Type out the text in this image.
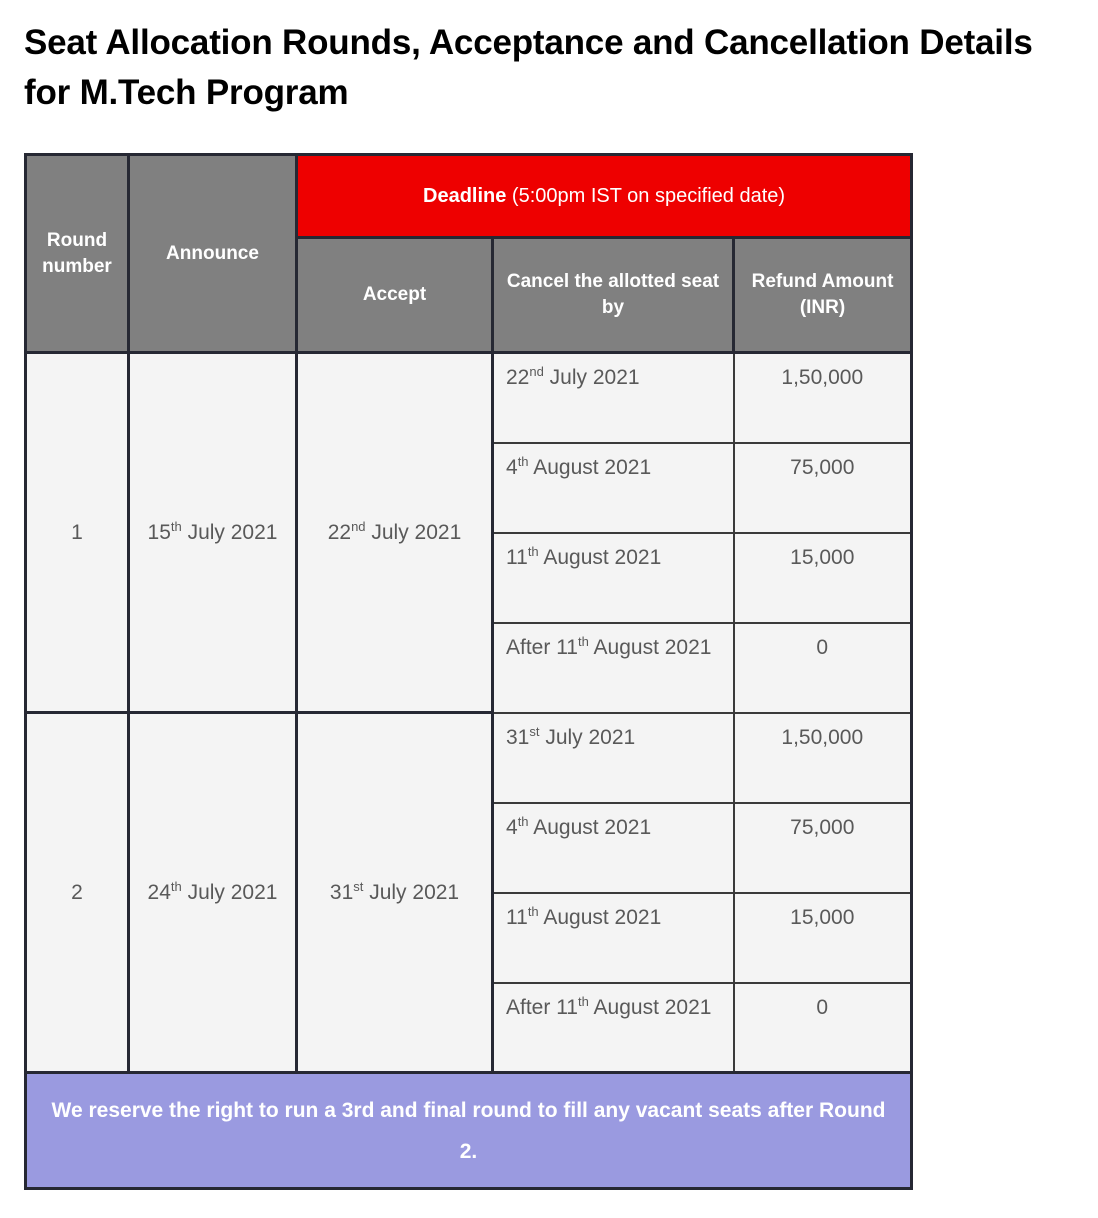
Seat Allocation Rounds, Acceptance and Cancellation Details for M.Tech Program
Round number	Announce	Deadline (5:00pm IST on specified date)		
		Accept	Cancel the allotted seat by	Refund Amount (INR)
1	15th July 2021	22nd July 2021	22nd July 2021	1,50,000
			4th August 2021	75,000
			11th August 2021	15,000
			After 11th August 2021	0
2	24th July 2021	31st July 2021	31st July 2021	1,50,000
			4th August 2021	75,000
			11th August 2021	15,000
			After 11th August 2021	0
We reserve the right to run a 3rd and final round to fill any vacant seats after Round 2.				
